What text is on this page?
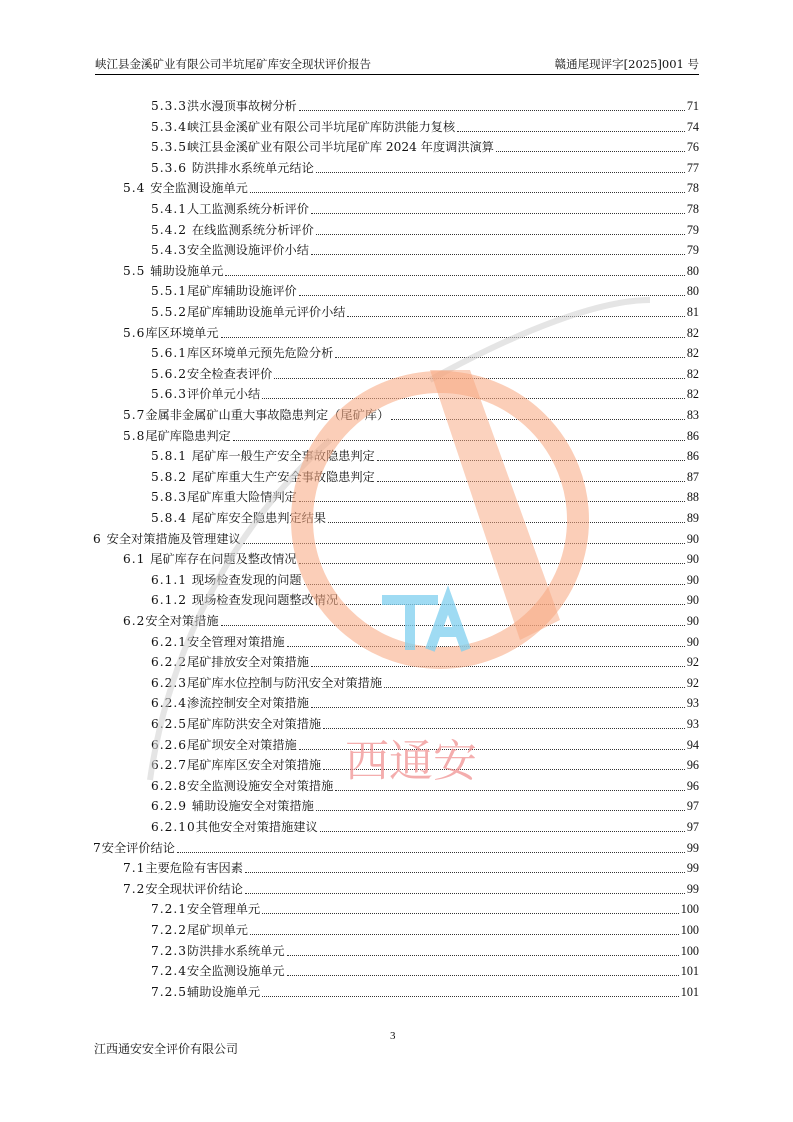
峡江县金溪矿业有限公司半坑尾矿库安全现状评价报告	赣通尾现评字[2025]001 号
5.3.3 洪水漫顶事故树分析	71
5.3.4 峡江县金溪矿业有限公司半坑尾矿库防洪能力复核	74
5.3.5 峡江县金溪矿业有限公司半坑尾矿库 2024 年度调洪演算	76
5.3.6 防洪排水系统单元结论	77
5.4 安全监测设施单元	78
5.4.1 人工监测系统分析评价	78
5.4.2 在线监测系统分析评价	79
5.4.3 安全监测设施评价小结	79
5.5 辅助设施单元	80
5.5.1 尾矿库辅助设施评价	80
5.5.2 尾矿库辅助设施单元评价小结	81
5.6 库区环境单元	82
5.6.1 库区环境单元预先危险分析	82
5.6.2 安全检查表评价	82
5.6.3 评价单元小结	82
5.7 金属非金属矿山重大事故隐患判定（尾矿库）	83
5.8 尾矿库隐患判定	86
5.8.1 尾矿库一般生产安全事故隐患判定	86
5.8.2 尾矿库重大生产安全事故隐患判定	87
5.8.3 尾矿库重大险情判定	88
5.8.4 尾矿库安全隐患判定结果	89
6 安全对策措施及管理建议	90
6.1 尾矿库存在问题及整改情况	90
6.1.1 现场检查发现的问题	90
6.1.2 现场检查发现问题整改情况	90
6.2 安全对策措施	90
6.2.1 安全管理对策措施	90
6.2.2 尾矿排放安全对策措施	92
6.2.3 尾矿库水位控制与防汛安全对策措施	92
6.2.4 渗流控制安全对策措施	93
6.2.5 尾矿库防洪安全对策措施	93
6.2.6 尾矿坝安全对策措施	94
6.2.7 尾矿库库区安全对策措施	96
6.2.8 安全监测设施安全对策措施	96
6.2.9 辅助设施安全对策措施	97
6.2.10 其他安全对策措施建议	97
7 安全评价结论	99
7.1 主要危险有害因素	99
7.2 安全现状评价结论	99
7.2.1 安全管理单元	100
7.2.2 尾矿坝单元	100
7.2.3 防洪排水系统单元	100
7.2.4 安全监测设施单元	101
7.2.5 辅助设施单元	101
3
江西通安安全评价有限公司
西通安
